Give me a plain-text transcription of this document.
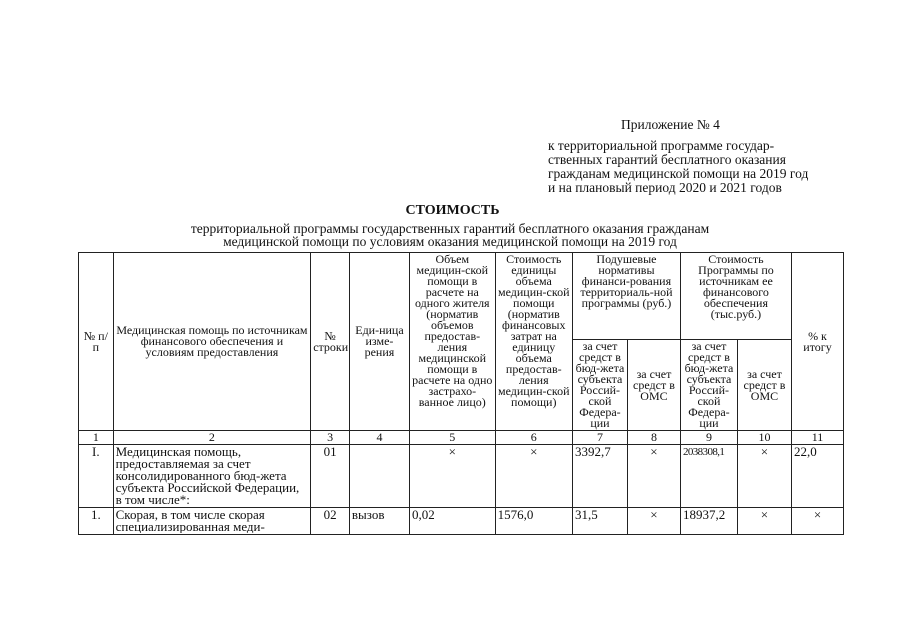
Приложение № 4
к территориальной программе государ-
ственных гарантий бесплатного оказания
гражданам медицинской помощи на 2019 год
и на плановый период 2020 и 2021 годов
СТОИМОСТЬ
территориальной программы государственных гарантий бесплатного оказания гражданам
медицинской помощи по условиям оказания медицинской помощи на 2019 год
№ п/п	Медицинская помощь по источникам финансового обеспечения и условиям предоставления	№ строки	Еди-ница изме-рения	Объем медицин-ской помощи в расчете на одного жителя (норматив объемов предостав-ления медицинской помощи в расчете на одно застрахо-ванное лицо)	Стоимость единицы объема медицин-ской помощи (норматив финансовых затрат на единицу объема предостав-ления медицин-ской помощи)	Подушевые нормативы финанси-рования территориаль-ной программы (руб.)		Стоимость Программы по источникам ее финансового обеспечения (тыс.руб.)		% к итогу
						за счет средст в бюд-жета субъекта Россий-ской Федера-ции	за счет средст в ОМС	за счет средст в бюд-жета субъекта Россий-ской Федера-ции	за счет средст в ОМС	
1	2	3	4	5	6	7	8	9	10	11
I.	Медицинская помощь, предоставляемая за счет консолидированного бюд-жета субъекта Российской Федерации, в том числе*:	01		×	×	3392,7	×	2038308,1	×	22,0
1.	Скорая, в том числе скорая специализированная меди-	02	вызов	0,02	1576,0	31,5	×	18937,2	×	×
